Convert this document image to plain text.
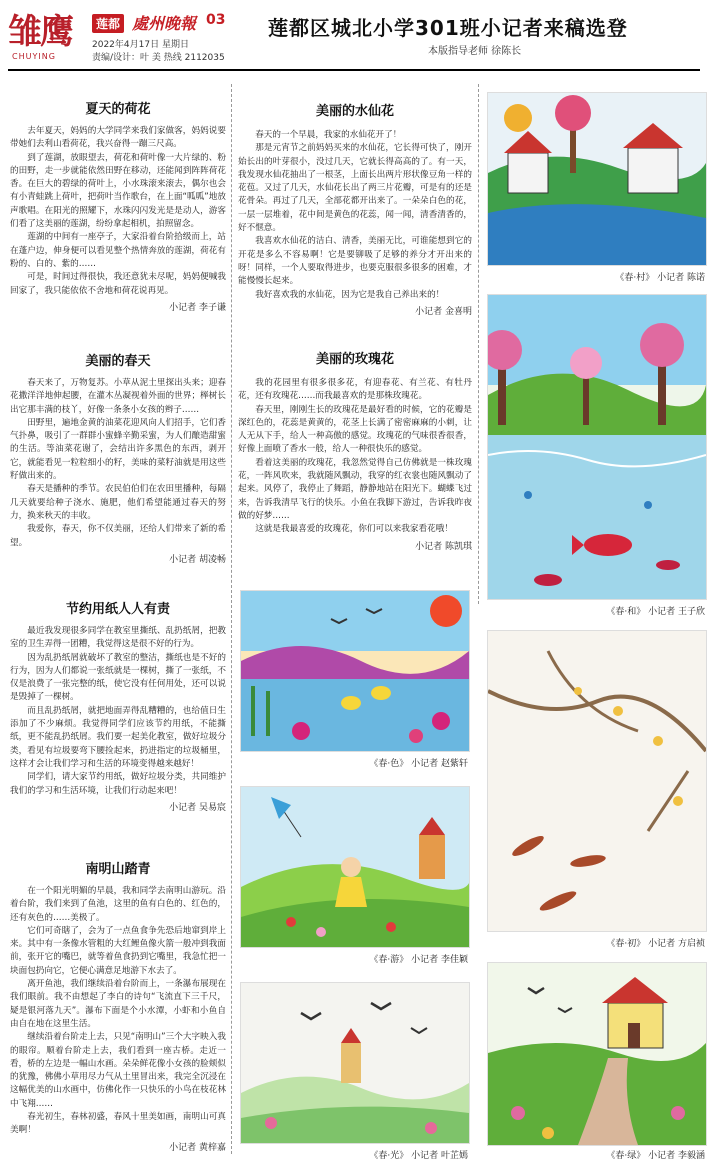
雏鹰
CHUYING
莲都 處州晚報 03
2022年4月17日 星期日
责编/设计：叶 美 热线 2112035
莲都区城北小学301班小记者来稿选登
本版指导老师 徐陈长
夏天的荷花

去年夏天，妈妈的大学同学来我们家做客，妈妈说要带她们去利山看荷花，我兴奋得一蹦三尺高。

到了莲湖，放眼望去，荷花和荷叶像一大片绿的、粉的田野，走一步就能依然田野在移动，还能闻到阵阵荷花香。在巨大的碧绿的荷叶上，小水珠滚来滚去，偶尔也会有小青蛙跳上荷叶，把荷叶当作歌台，在上面“呱呱”地放声歌唱。在阳光的照耀下，水珠闪闪发光是是动人，游客们看了这美丽的莲湖，纷纷拿起相机，拍照留念。

莲湖的中间有一座亭子，大家沿着台阶拾级而上，站在蓬户边，伸身便可以看见整个热情奔放的莲湖，荷花有粉的、白的、紫的……

可是，时间过得很快，我还意犹未尽呢，妈妈便喊我回家了，我只能依依不舍地和荷花说再见。

小记者 李子谦
美丽的春天

春天来了，万物复苏。小草从泥土里探出头来；迎春花撒洋洋地伸起腰，在灌木丛凝视着外面的世界；榉树长出它那丰满的枝丫，好像一条条小女孩的辫子……

田野里，遍地金黄的油菜花迎风向人们招手，它们香气扑鼻，吸引了一群群小蜜蜂辛勤采蜜，为人们酿造甜蜜的生活。等油菜花谢了，会结出许多黑色的东西，剥开它，就能看见一粒粒细小的籽，美味的菜籽油就是用这些籽做出来的。

春天是播种的季节。农民伯伯们在农田里播种，每隔几天就要给种子浇水、施肥，他们希望能通过春天的努力，换来秋天的丰收。

我爱你，春天，你不仅美丽，还给人们带来了新的希望。

小记者 胡凌畅
节约用纸人人有责

最近我发现很多同学在教室里撕纸、乱扔纸屑，把教室的卫生弄得一团糟，我觉得这是很不好的行为。

因为乱扔纸屑就破坏了教室的整洁，撕纸也是不好的行为，因为人们都说一张纸就是一棵树，撕了一张纸，不仅是浪费了一张完整的纸，使它没有任何用处，还可以说是毁掉了一棵树。

而且乱扔纸屑，就把地面弄得乱糟糟的，也给值日生添加了不少麻烦。我觉得同学们应该节约用纸，不能撕纸，更不能乱扔纸屑。我们要一起美化教室，做好垃圾分类，看见有垃圾要弯下腰捡起来，扔进指定的垃圾桶里，这样才会让我们学习和生活的环境变得越来越好！

同学们，请大家节约用纸，做好垃圾分类，共同维护我们的学习和生活环境，让我们行动起来吧！

小记者 吴易宸
南明山踏青

在一个阳光明媚的早晨，我和同学去南明山游玩。沿着台阶，我们来到了鱼池，这里的鱼有白色的、红色的，还有灰色的……美极了。

它们可奇瞎了，会为了一点鱼食争先恐后地窜到岸上来。其中有一条像水管粗的大红鲤鱼像火箭一般冲到我面前，张开它的嘴巴，就等着鱼食扔到它嘴里，我急忙把一块面包扔向它，它便心满意足地游下水去了。

离开鱼池，我们继续沿着台阶而上，一条瀑布展现在我们眼前。我不由想起了李白的诗句“飞流直下三千尺，疑是银河落九天”。瀑布下面是个小水潭，小虾和小鱼自由自在地在这里生活。

继续沿着台阶走上去，只见“南明山”三个大字映入我的眼帘。顺着台阶走上去，我们看到一座古桥。走近一看，桥的左边是一幅山水画。朵朵鲜花像小女孩的脸颊似的犹豫，佛佛小草用尽力气从土里冒出来，我完全沉浸在这幅优美的山水画中，仿佛化作一只快乐的小鸟在枝花林中飞翔……

春光初生，春林初盛，春风十里美如画，南明山可真美啊！

小记者 黄梓嘉
美丽的水仙花

春天的一个早晨，我家的水仙花开了！

那是元宵节之前妈妈买来的水仙花，它长得可快了，刚开始长出的叶芽很小，没过几天，它就长得高高的了。有一天，我发现水仙花抽出了一根茎，上面长出两片形状像豆角一样的花苞。又过了几天，水仙花长出了两三片花瓣，可是有的还是花骨朵。再过了几天，全部花都开出来了。一朵朵白色的花，一层一层堆着，花中间是黄色的花蕊，闻一闻，清香清香的，好不惬意。

我喜欢水仙花的洁白、清香，美丽无比，可谁能想到它的开花是多么不容易啊！它是要铆吸了足够的养分才开出来的呀！同样，一个人要取得进步，也要克服很多很多的困难，才能慢慢长起来。

我好喜欢我的水仙花，因为它是我自己养出来的！

小记者 金喜明
美丽的玫瑰花

我的花园里有很多很多花，有迎春花、有兰花、有牡丹花，还有玫瑰花……而我最喜欢的是那株玫瑰花。

春天里，刚刚生长的玫瑰花是最好看的时候，它的花瓣是深红色的，花蕊是黄黄的，花茎上长满了密密麻麻的小刺，让人无从下手，给人一种高傲的感觉。玫瑰花的气味很香很香，好像上面喷了香水一般，给人一种很快乐的感觉。

看着这美丽的玫瑰花，我忽然觉得自己仿佛就是一株玫瑰花，一阵风吹来，我就随风飘动，我穿的红衣裳也随风飘动了起来。风停了，我停止了舞蹈，静静地站在阳光下。蝴蝶飞过来，告诉我清早飞行的快乐。小鱼在我脚下游过，告诉我昨夜做的好梦……

这就是我最喜爱的玫瑰花，你们可以来我家看花哦！

小记者 陈凯琪
《春·色》 小记者 赵紫轩
《春·游》 小记者 李佳颖
《春·光》 小记者 叶芷嫣
《春·村》 小记者 陈诺
《春·和》 小记者 王子欣
《春·初》 小记者 方启祯
《春·绿》 小记者 李毅涵
